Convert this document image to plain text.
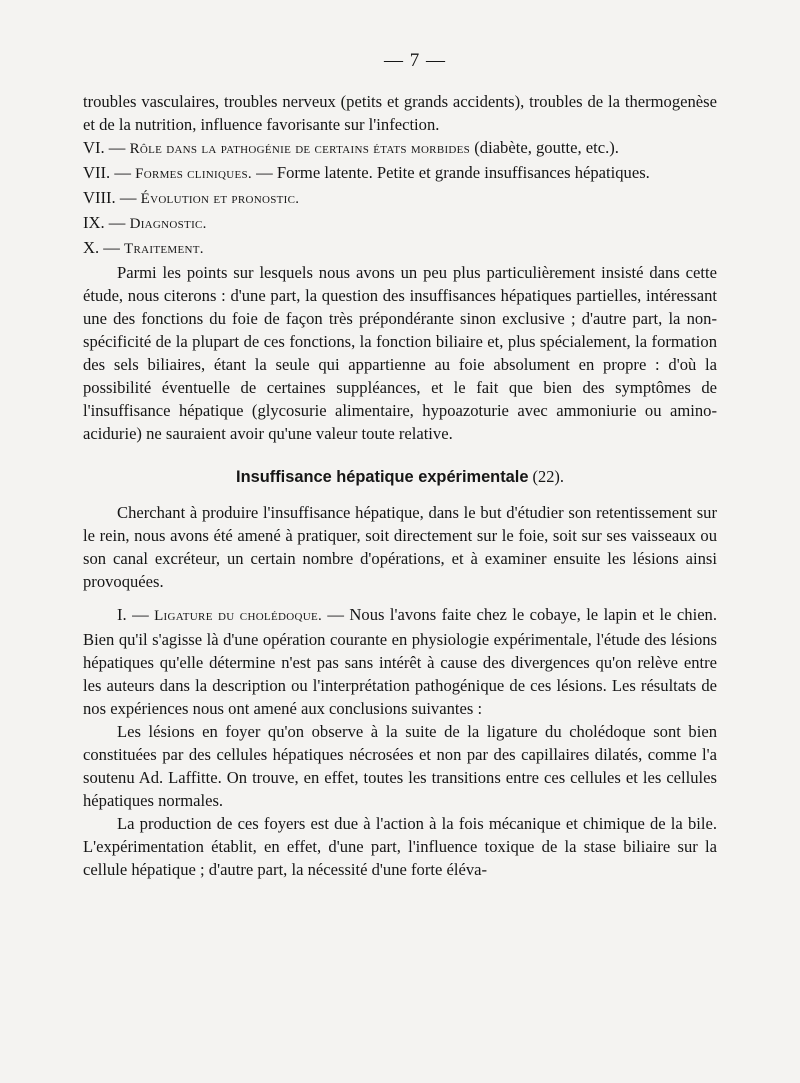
— 7 —

troubles vasculaires, troubles nerveux (petits et grands accidents), troubles de la thermogenèse et de la nutrition, influence favorisante sur l'infection.

VI. — Rôle dans la pathogénie de certains états morbides (diabète, goutte, etc.).

VII. — Formes cliniques. — Forme latente. Petite et grande insuffisances hépatiques.

VIII. — Évolution et pronostic.

IX. — Diagnostic.

X. — Traitement.

Parmi les points sur lesquels nous avons un peu plus particulièrement insisté dans cette étude, nous citerons : d'une part, la question des insuffisances hépatiques partielles, intéressant une des fonctions du foie de façon très prépondérante sinon exclusive ; d'autre part, la non-spécificité de la plupart de ces fonctions, la fonction biliaire et, plus spécialement, la formation des sels biliaires, étant la seule qui appartienne au foie absolument en propre : d'où la possibilité éventuelle de certaines suppléances, et le fait que bien des symptômes de l'insuffisance hépatique (glycosurie alimentaire, hypoazoturie avec ammoniurie ou amino-acidurie) ne sauraient avoir qu'une valeur toute relative.

Insuffisance hépatique expérimentale (22).

Cherchant à produire l'insuffisance hépatique, dans le but d'étudier son retentissement sur le rein, nous avons été amené à pratiquer, soit directement sur le foie, soit sur ses vaisseaux ou son canal excréteur, un certain nombre d'opérations, et à examiner ensuite les lésions ainsi provoquées.

I. — Ligature du cholédoque. — Nous l'avons faite chez le cobaye, le lapin et le chien. Bien qu'il s'agisse là d'une opération courante en physiologie expérimentale, l'étude des lésions hépatiques qu'elle détermine n'est pas sans intérêt à cause des divergences qu'on relève entre les auteurs dans la description ou l'interprétation pathogénique de ces lésions. Les résultats de nos expériences nous ont amené aux conclusions suivantes :

Les lésions en foyer qu'on observe à la suite de la ligature du cholédoque sont bien constituées par des cellules hépatiques nécrosées et non par des capillaires dilatés, comme l'a soutenu Ad. Laffitte. On trouve, en effet, toutes les transitions entre ces cellules et les cellules hépatiques normales.

La production de ces foyers est due à l'action à la fois mécanique et chimique de la bile. L'expérimentation établit, en effet, d'une part, l'influence toxique de la stase biliaire sur la cellule hépatique ; d'autre part, la nécessité d'une forte éléva-
